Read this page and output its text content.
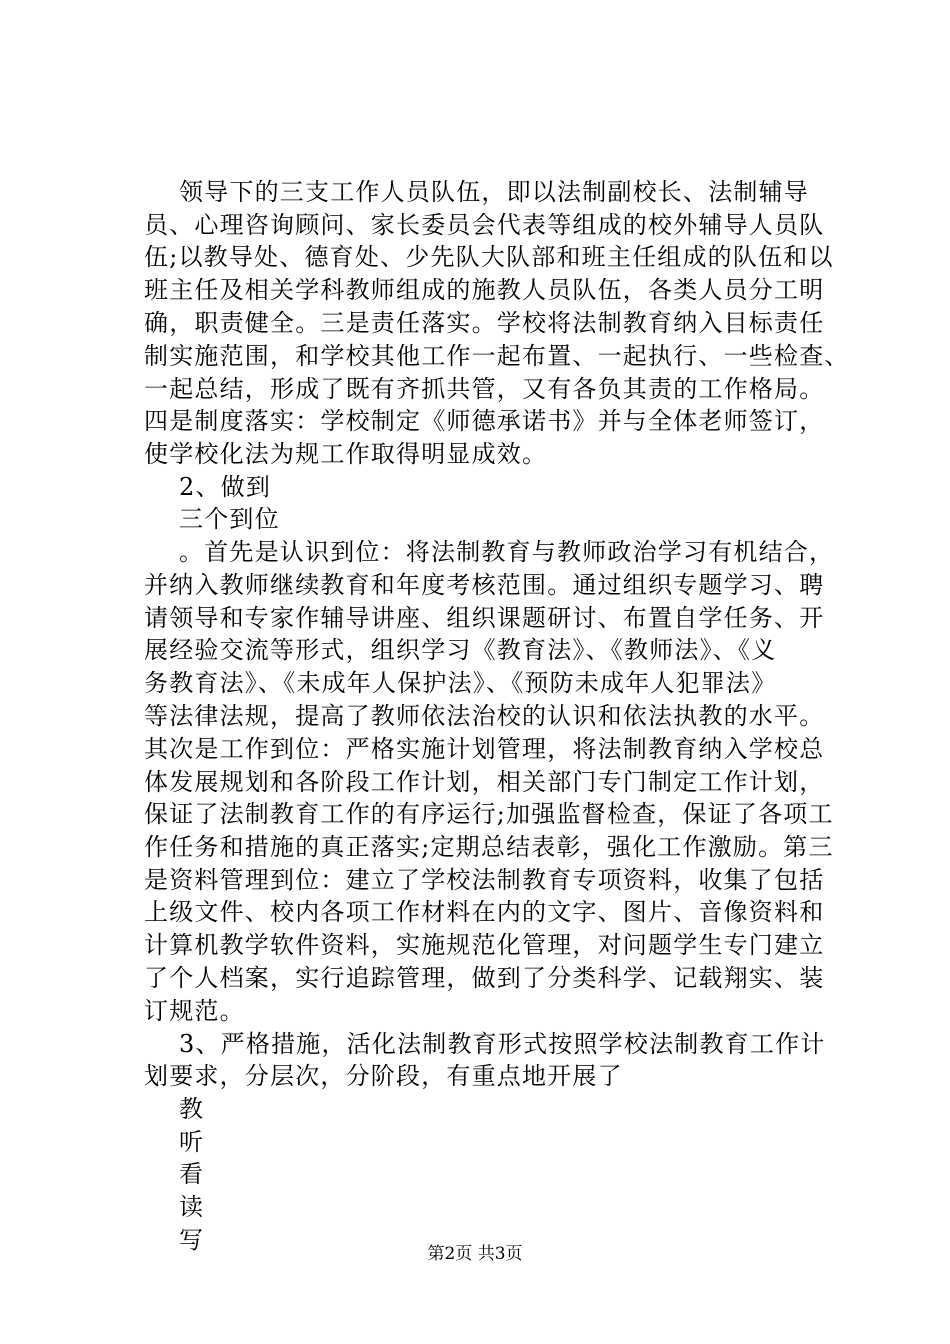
领导下的三支工作人员队伍，即以法制副校长、法制辅导
员、心理咨询顾问、家长委员会代表等组成的校外辅导人员队
伍;以教导处、德育处、少先队大队部和班主任组成的队伍和以
班主任及相关学科教师组成的施教人员队伍，各类人员分工明
确，职责健全。三是责任落实。学校将法制教育纳入目标责任
制实施范围，和学校其他工作一起布置、一起执行、一些检查、
一起总结，形成了既有齐抓共管，又有各负其责的工作格局。
四是制度落实：学校制定《师德承诺书》并与全体老师签订，
使学校化法为规工作取得明显成效。
2、做到
三个到位
。首先是认识到位：将法制教育与教师政治学习有机结合，
并纳入教师继续教育和年度考核范围。通过组织专题学习、聘
请领导和专家作辅导讲座、组织课题研讨、布置自学任务、开
展经验交流等形式，组织学习《教育法》、《教师法》、《义
务教育法》、《未成年人保护法》、《预防未成年人犯罪法》
等法律法规，提高了教师依法治校的认识和依法执教的水平。
其次是工作到位：严格实施计划管理，将法制教育纳入学校总
体发展规划和各阶段工作计划，相关部门专门制定工作计划，
保证了法制教育工作的有序运行;加强监督检查，保证了各项工
作任务和措施的真正落实;定期总结表彰，强化工作激励。第三
是资料管理到位：建立了学校法制教育专项资料，收集了包括
上级文件、校内各项工作材料在内的文字、图片、音像资料和
计算机教学软件资料，实施规范化管理，对问题学生专门建立
了个人档案，实行追踪管理，做到了分类科学、记载翔实、装
订规范。
3、严格措施，活化法制教育形式按照学校法制教育工作计
划要求，分层次，分阶段，有重点地开展了
教
听
看
读
写	第2页 共3页
